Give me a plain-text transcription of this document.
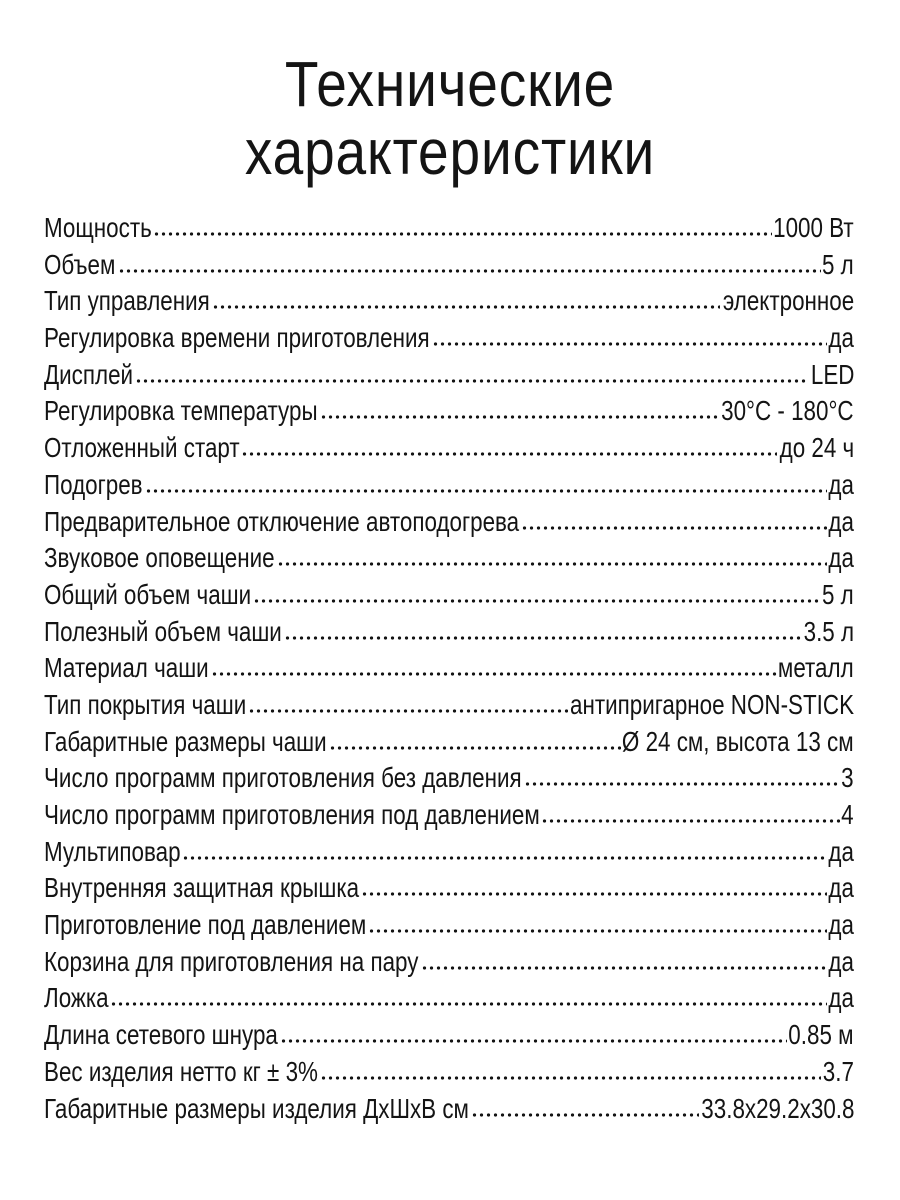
Технические
характеристики
Мощность	1000 Вт
Объем	5 л
Тип управления	электронное
Регулировка времени приготовления	да
Дисплей	LED
Регулировка температуры	30°C - 180°C
Отложенный старт	до 24 ч
Подогрев	да
Предварительное отключение автоподогрева	да
Звуковое оповещение	да
Общий объем чаши	5 л
Полезный объем чаши	3.5 л
Материал чаши	металл
Тип покрытия чаши	антипригарное NON-STICK
Габаритные размеры чаши	Ø 24 см, высота 13 см
Число программ приготовления без давления	3
Число программ приготовления под давлением	4
Мультиповар	да
Внутренняя защитная крышка	да
Приготовление под давлением	да
Корзина для приготовления на пару	да
Ложка	да
Длина сетевого шнура	0.85 м
Вес изделия нетто кг ± 3%	3.7
Габаритные размеры изделия ДхШхВ см	33.8x29.2x30.8
